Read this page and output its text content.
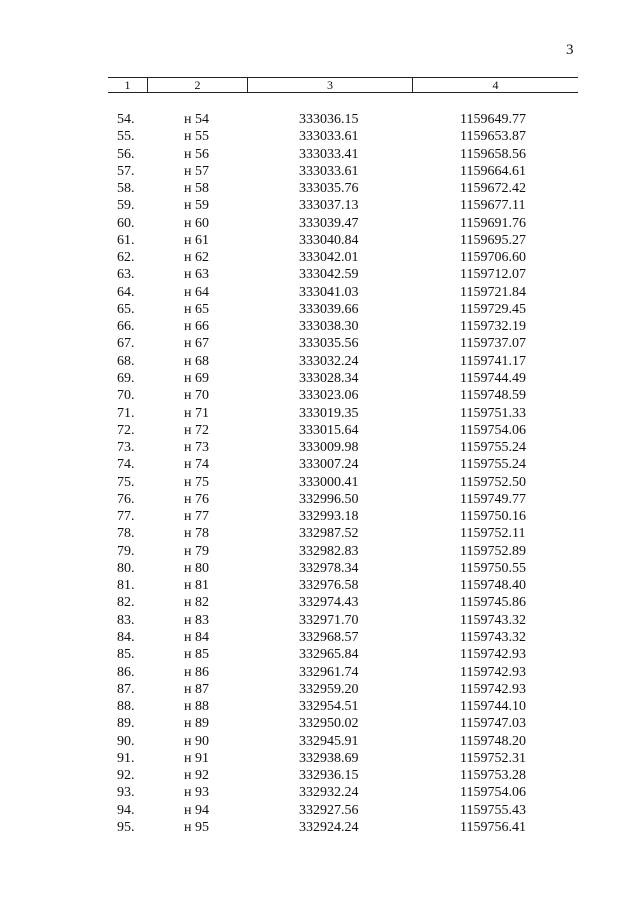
3
1	2	3	4
54.	н 54	333036.15	1159649.77
55.	н 55	333033.61	1159653.87
56.	н 56	333033.41	1159658.56
57.	н 57	333033.61	1159664.61
58.	н 58	333035.76	1159672.42
59.	н 59	333037.13	1159677.11
60.	н 60	333039.47	1159691.76
61.	н 61	333040.84	1159695.27
62.	н 62	333042.01	1159706.60
63.	н 63	333042.59	1159712.07
64.	н 64	333041.03	1159721.84
65.	н 65	333039.66	1159729.45
66.	н 66	333038.30	1159732.19
67.	н 67	333035.56	1159737.07
68.	н 68	333032.24	1159741.17
69.	н 69	333028.34	1159744.49
70.	н 70	333023.06	1159748.59
71.	н 71	333019.35	1159751.33
72.	н 72	333015.64	1159754.06
73.	н 73	333009.98	1159755.24
74.	н 74	333007.24	1159755.24
75.	н 75	333000.41	1159752.50
76.	н 76	332996.50	1159749.77
77.	н 77	332993.18	1159750.16
78.	н 78	332987.52	1159752.11
79.	н 79	332982.83	1159752.89
80.	н 80	332978.34	1159750.55
81.	н 81	332976.58	1159748.40
82.	н 82	332974.43	1159745.86
83.	н 83	332971.70	1159743.32
84.	н 84	332968.57	1159743.32
85.	н 85	332965.84	1159742.93
86.	н 86	332961.74	1159742.93
87.	н 87	332959.20	1159742.93
88.	н 88	332954.51	1159744.10
89.	н 89	332950.02	1159747.03
90.	н 90	332945.91	1159748.20
91.	н 91	332938.69	1159752.31
92.	н 92	332936.15	1159753.28
93.	н 93	332932.24	1159754.06
94.	н 94	332927.56	1159755.43
95.	н 95	332924.24	1159756.41
